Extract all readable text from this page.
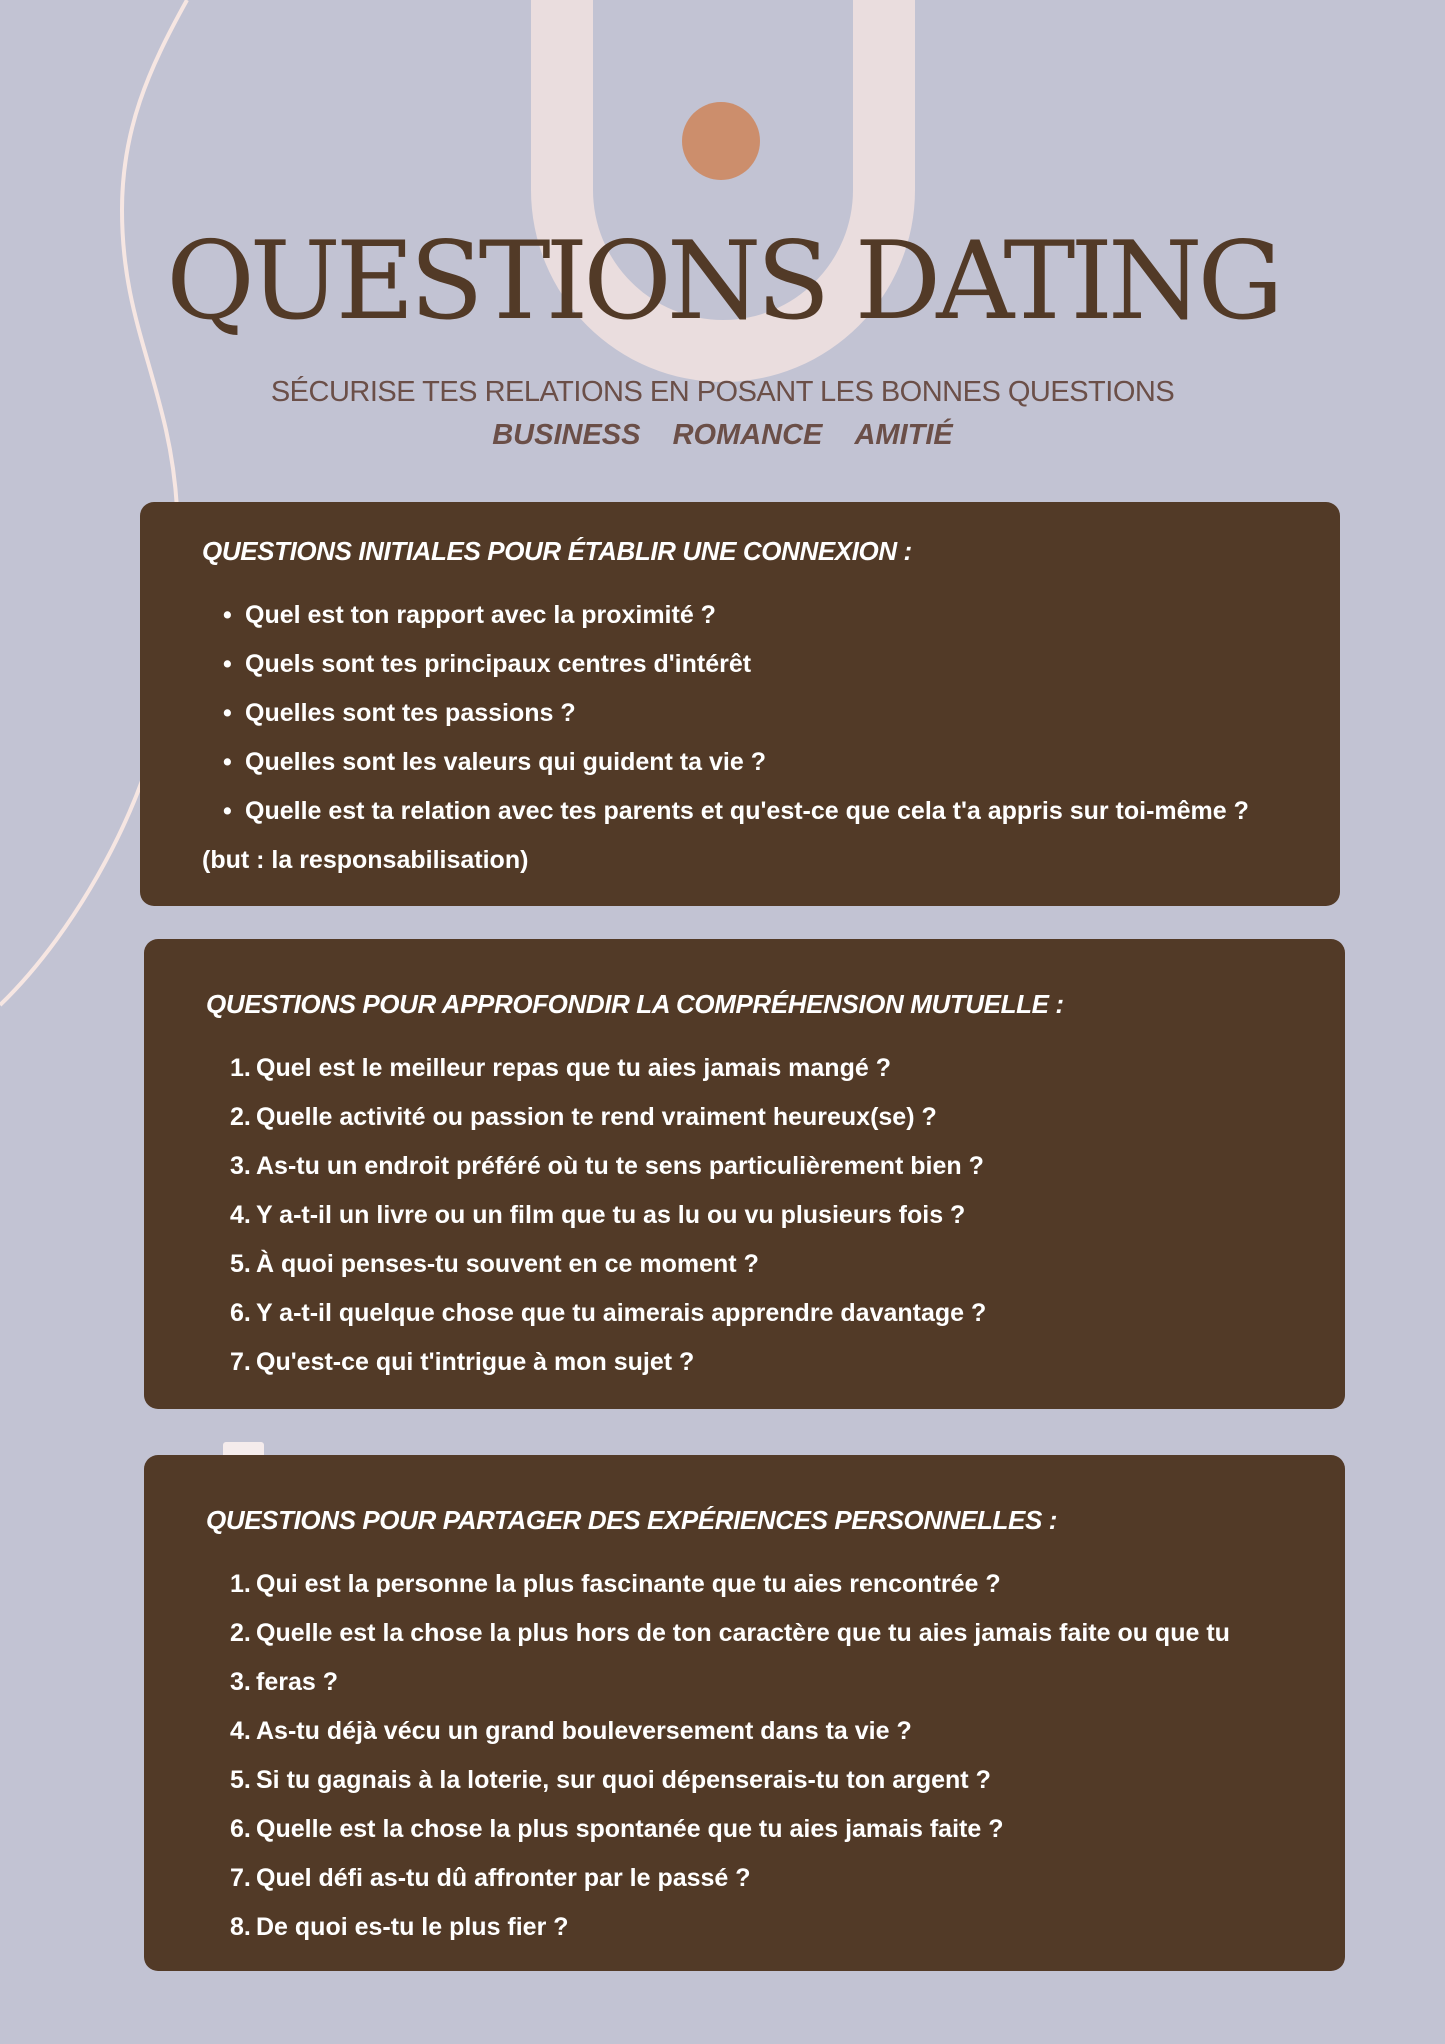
QUESTIONS DATING
SÉCURISE TES RELATIONS EN POSANT LES BONNES QUESTIONS
BUSINESS ROMANCE AMITIÉ
QUESTIONS INITIALES POUR ÉTABLIR UNE CONNEXION :
• Quel est ton rapport avec la proximité ?
• Quels sont tes principaux centres d'intérêt
• Quelles sont tes passions ?
• Quelles sont les valeurs qui guident ta vie ?
• Quelle est ta relation avec tes parents et qu'est-ce que cela t'a appris sur toi-même ?
(but : la responsabilisation)
QUESTIONS POUR APPROFONDIR LA COMPRÉHENSION MUTUELLE :
1. Quel est le meilleur repas que tu aies jamais mangé ?
2. Quelle activité ou passion te rend vraiment heureux(se) ?
3. As-tu un endroit préféré où tu te sens particulièrement bien ?
4. Y a-t-il un livre ou un film que tu as lu ou vu plusieurs fois ?
5. À quoi penses-tu souvent en ce moment ?
6. Y a-t-il quelque chose que tu aimerais apprendre davantage ?
7. Qu'est-ce qui t'intrigue à mon sujet ?
QUESTIONS POUR PARTAGER DES EXPÉRIENCES PERSONNELLES :
1. Qui est la personne la plus fascinante que tu aies rencontrée ?
2. Quelle est la chose la plus hors de ton caractère que tu aies jamais faite ou que tu
3. feras ?
4. As-tu déjà vécu un grand bouleversement dans ta vie ?
5. Si tu gagnais à la loterie, sur quoi dépenserais-tu ton argent ?
6. Quelle est la chose la plus spontanée que tu aies jamais faite ?
7. Quel défi as-tu dû affronter par le passé ?
8. De quoi es-tu le plus fier ?
